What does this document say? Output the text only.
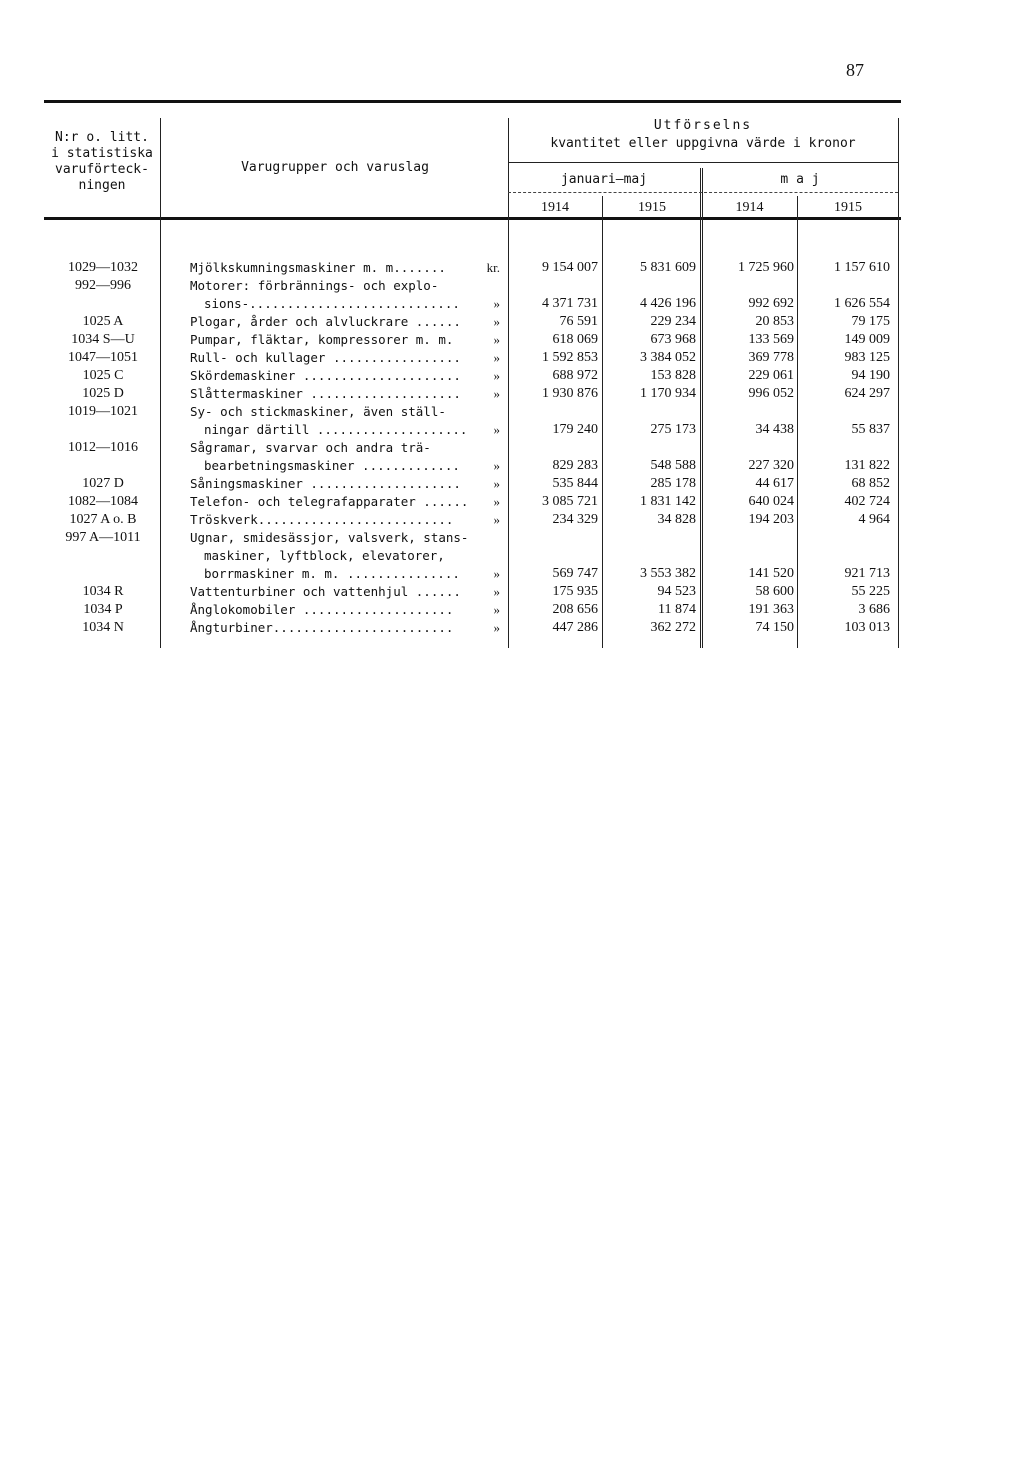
87
N:r o. litt.
i statistiska
varuförteck-
ningen
Varugrupper och varuslag
Utförselns
kvantitet eller uppgivna värde i kronor
januari—maj	m a j
1914	1915	1914	1915
1029—1032	Mjölkskumningsmaskiner m. m.......	kr.	9 154 007	5 831 609	1 725 960	1 157 610
992—996	Motorer: förbrännings- och explo-
sions-............................	»	4 371 731	4 426 196	992 692	1 626 554
1025 A	Plogar, årder och alvluckrare ......	»	76 591	229 234	20 853	79 175
1034 S—U	Pumpar, fläktar, kompressorer m. m.	»	618 069	673 968	133 569	149 009
1047—1051	Rull- och kullager .................	»	1 592 853	3 384 052	369 778	983 125
1025 C	Skördemaskiner .....................	»	688 972	153 828	229 061	94 190
1025 D	Slåttermaskiner ....................	»	1 930 876	1 170 934	996 052	624 297
1019—1021	Sy- och stickmaskiner, även ställ-
ningar därtill ....................	»	179 240	275 173	34 438	55 837
1012—1016	Sågramar, svarvar och andra trä-
bearbetningsmaskiner .............	»	829 283	548 588	227 320	131 822
1027 D	Såningsmaskiner ....................	»	535 844	285 178	44 617	68 852
1082—1084	Telefon- och telegrafapparater ......	»	3 085 721	1 831 142	640 024	402 724
1027 A o. B	Tröskverk..........................	»	234 329	34 828	194 203	4 964
997 A—1011	Ugnar, smidesässjor, valsverk, stans-
maskiner, lyftblock, elevatorer,
borrmaskiner m. m. ...............	»	569 747	3 553 382	141 520	921 713
1034 R	Vattenturbiner och vattenhjul ......	»	175 935	94 523	58 600	55 225
1034 P	Ånglokomobiler ....................	»	208 656	11 874	191 363	3 686
1034 N	Ångturbiner........................	»	447 286	362 272	74 150	103 013
